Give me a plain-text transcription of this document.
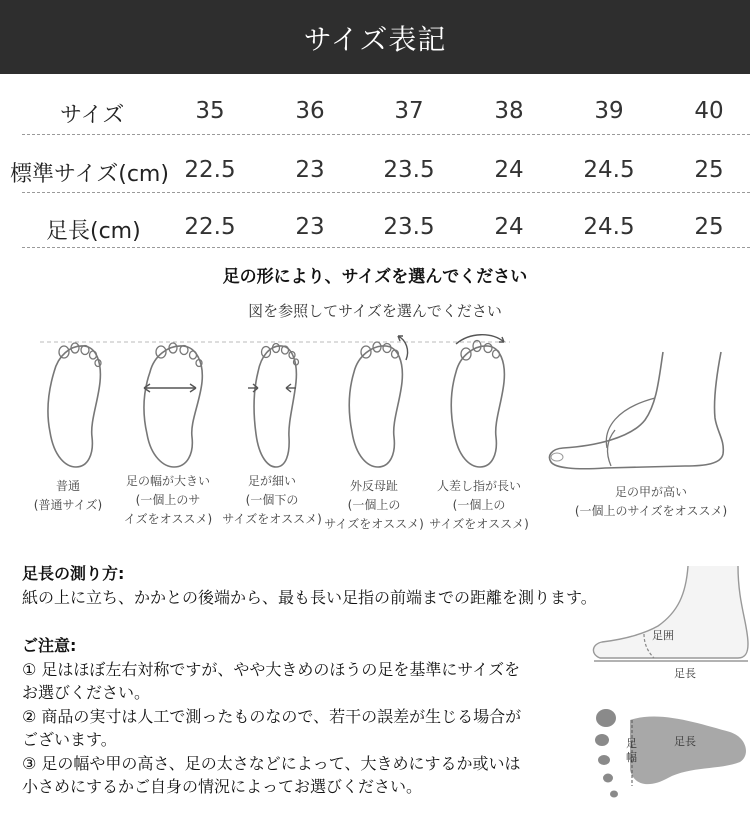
サイズ表記
サイズ	35	36	37	38	39	40
標準サイズ(cm) 22.5	23	23.5	24	24.5	25
足長(cm)	22.5	23	23.5	24	24.5	25
足の形により、サイズを選んでください
図を参照してサイズを選んでください
普通
(普通サイズ)
足の幅が大きい
(一個上のサ
イズをオススメ)
足が細い
(一個下の
サイズをオススメ)
外反母趾
(一個上の
サイズをオススメ)
人差し指が長い
(一個上の
サイズをオススメ)
足の甲が高い
(一個上のサイズをオススメ)
足長の測り方:
紙の上に立ち、かかとの後端から、最も長い足指の前端までの距離を測ります。
ご注意:
① 足はほぼ左右対称ですが、やや大きめのほうの足を基準にサイズを
お選びください。
② 商品の実寸は人工で測ったものなので、若干の誤差が生じる場合が
ございます。
③ 足の幅や甲の高さ、足の太さなどによって、大きめにするか或いは
小さめにするかご自身の情況によってお選びください。
足囲
足長
足幅
足長
